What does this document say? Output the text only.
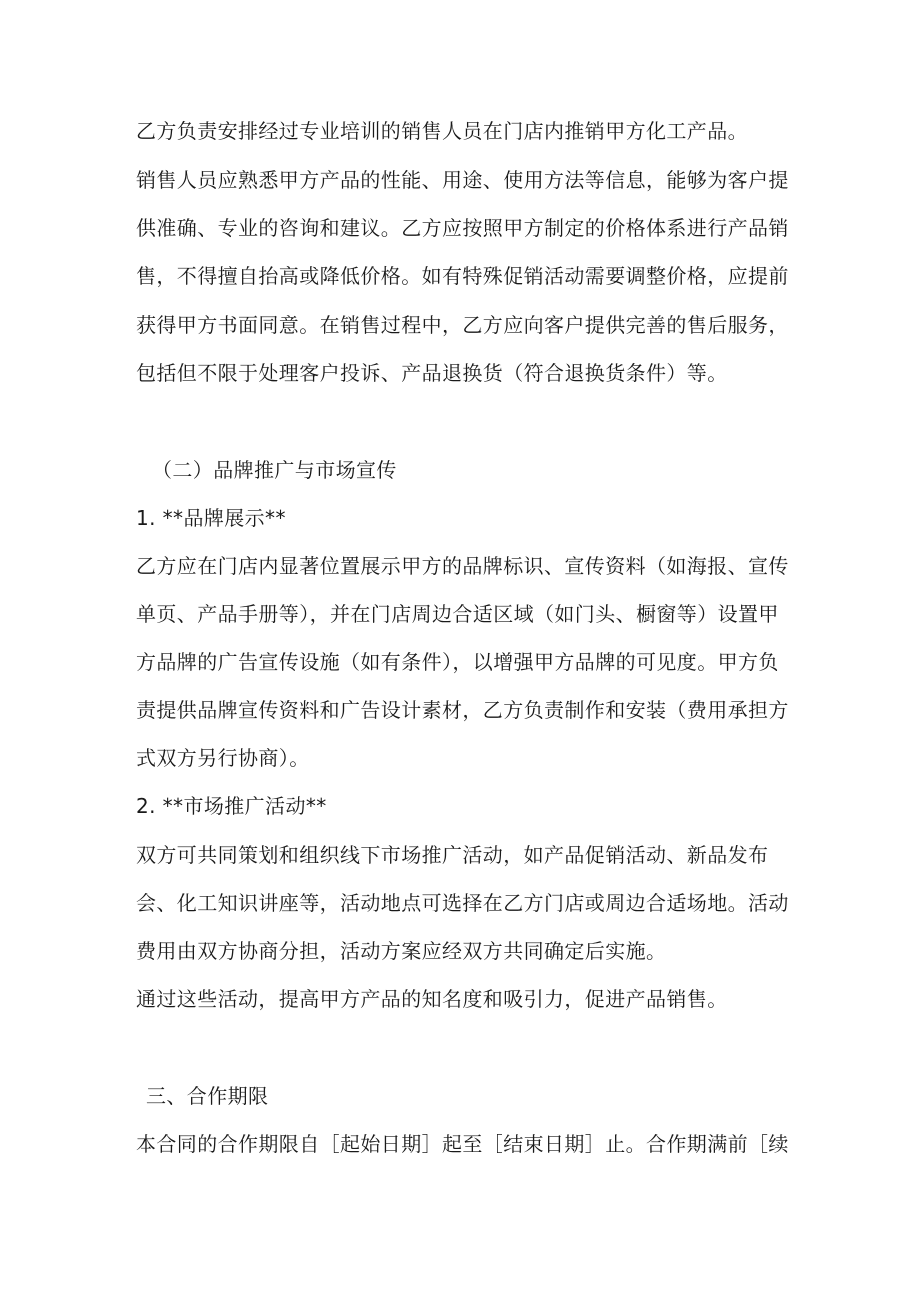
乙方负责安排经过专业培训的销售人员在门店内推销甲方化工产品。
销售人员应熟悉甲方产品的性能、用途、使用方法等信息，能够为客户提
供准确、专业的咨询和建议。乙方应按照甲方制定的价格体系进行产品销
售，不得擅自抬高或降低价格。如有特殊促销活动需要调整价格，应提前
获得甲方书面同意。在销售过程中，乙方应向客户提供完善的售后服务，
包括但不限于处理客户投诉、产品退换货（符合退换货条件）等。
（二）品牌推广与市场宣传
1. **品牌展示**
乙方应在门店内显著位置展示甲方的品牌标识、宣传资料（如海报、宣传
单页、产品手册等），并在门店周边合适区域（如门头、橱窗等）设置甲
方品牌的广告宣传设施（如有条件），以增强甲方品牌的可见度。甲方负
责提供品牌宣传资料和广告设计素材，乙方负责制作和安装（费用承担方
式双方另行协商）。
2. **市场推广活动**
双方可共同策划和组织线下市场推广活动，如产品促销活动、新品发布
会、化工知识讲座等，活动地点可选择在乙方门店或周边合适场地。活动
费用由双方协商分担，活动方案应经双方共同确定后实施。
通过这些活动，提高甲方产品的知名度和吸引力，促进产品销售。
三、合作期限
本合同的合作期限自［起始日期］起至［结束日期］止。合作期满前［续
